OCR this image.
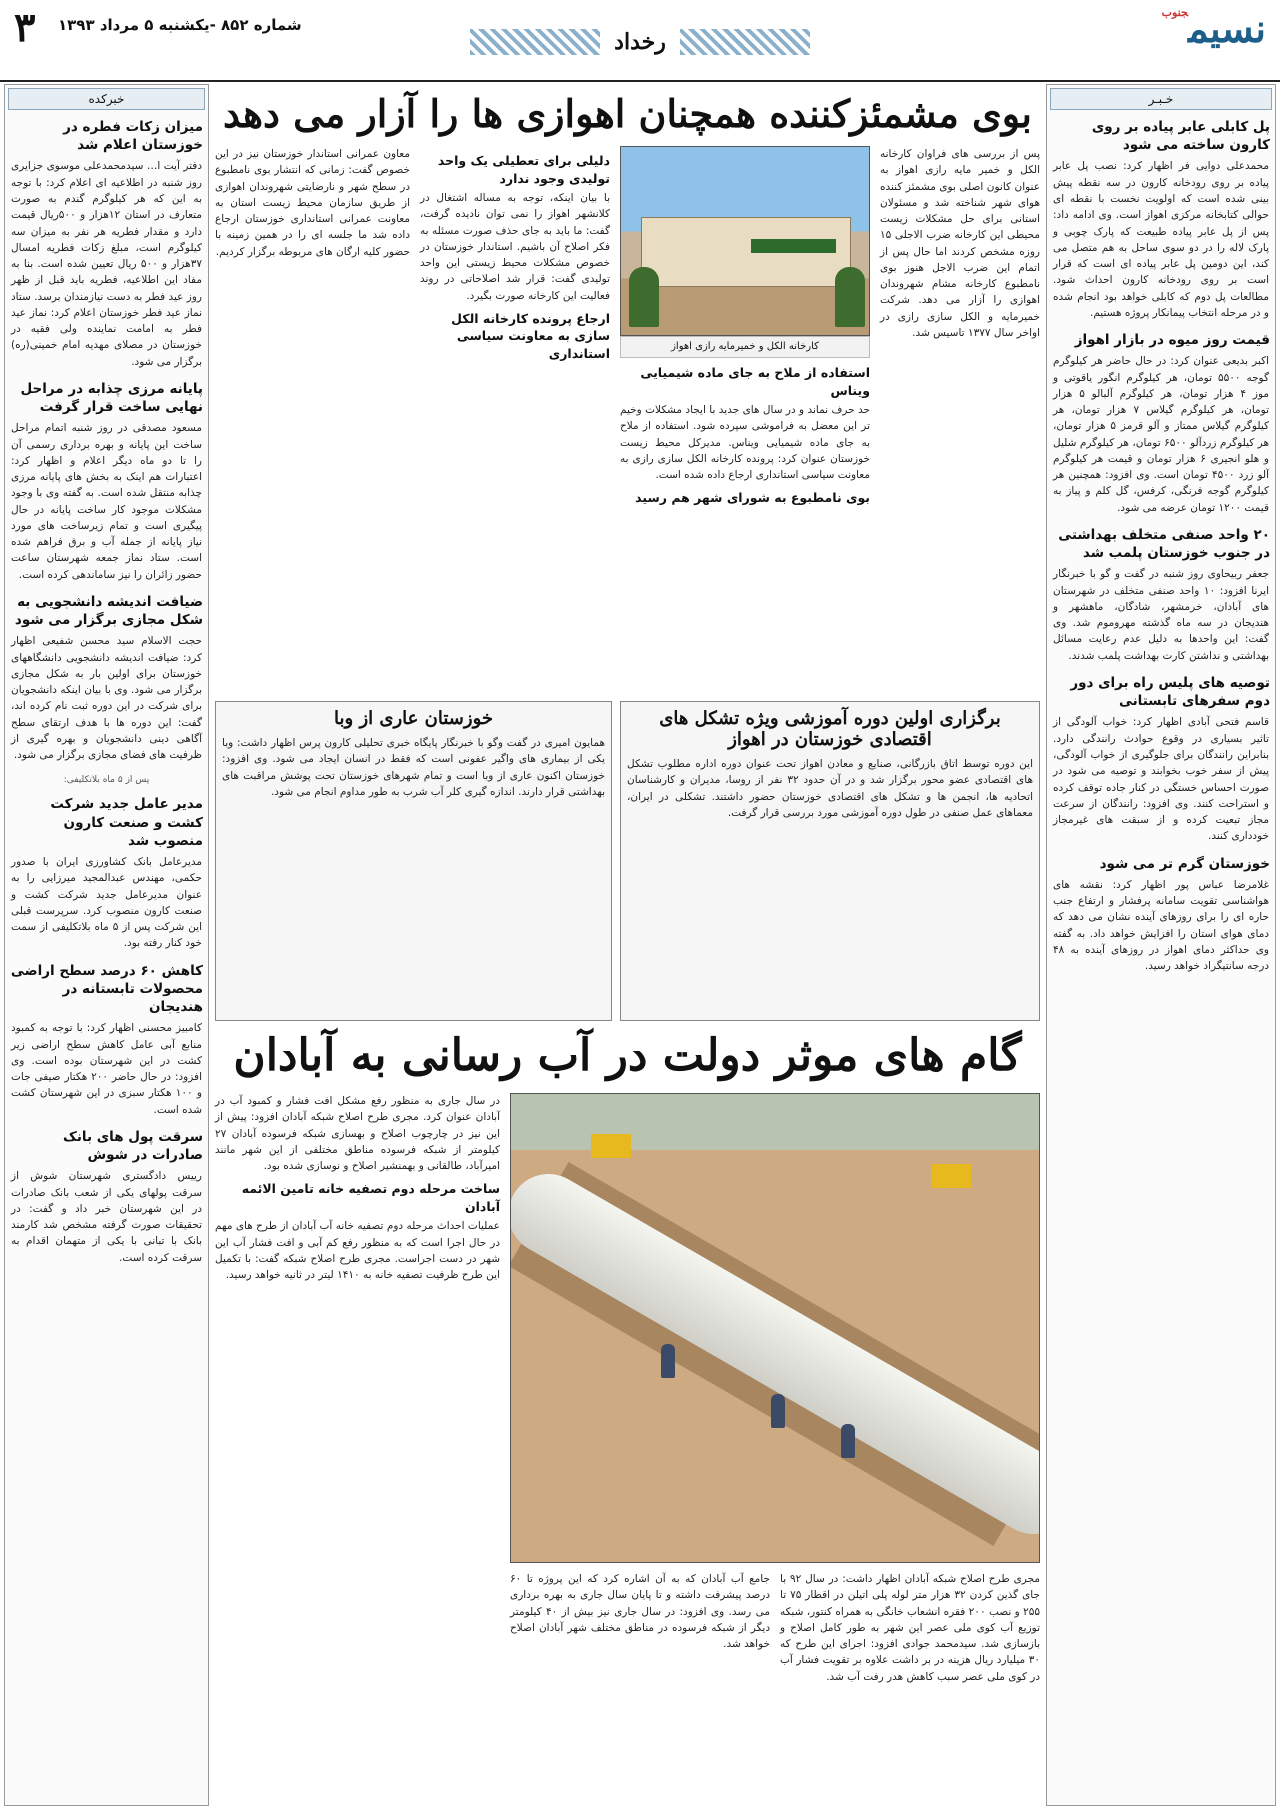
نسیم$^{جنوب}$
رخداد
شماره ۸۵۲ -یکشنبه ۵ مرداد ۱۳۹۳
۳
خـبـر
پل کابلی عابر پیاده بر روی کارون ساخته می شود

محمدعلی دوایی فر اظهار کرد: نصب پل عابر پیاده بر روی رودخانه کارون در سه نقطه پیش بینی شده است که اولویت نخست با نقطه ای حوالی کتابخانه مرکزی اهواز است. وی ادامه داد: پس از پل عابر پیاده طبیعت که پارک چوبی و پارک لاله را در دو سوی ساحل به هم متصل می کند، این دومین پل عابر پیاده ای است که قرار است بر روی رودخانه کارون احداث شود. مطالعات پل دوم که کابلی خواهد بود انجام شده و در مرحله انتخاب پیمانکار پروژه هستیم.

قیمت روز میوه در بازار اهواز

اکبر بدیعی عنوان کرد: در حال حاضر هر کیلوگرم گوجه ۵۵۰۰ تومان، هر کیلوگرم انگور یاقوتی و موز ۴ هزار تومان، هر کیلوگرم آلبالو ۵ هزار تومان، هر کیلوگرم گیلاس ۷ هزار تومان، هر کیلوگرم گیلاس ممتاز و آلو قرمز ۵ هزار تومان، هر کیلوگرم زردآلو ۶۵۰۰ تومان، هر کیلوگرم شلیل و هلو انجیری ۶ هزار تومان و قیمت هر کیلوگرم آلو زرد ۴۵۰۰ تومان است. وی افزود: همچنین هر کیلوگرم گوجه فرنگی، کرفس، گل کلم و پیاز به قیمت ۱۲۰۰ تومان عرضه می شود.

۲۰ واحد صنفی متخلف بهداشتی در جنوب خوزستان پلمب شد

جعفر ربیحاوی روز شنبه در گفت و گو با خبرنگار ایرنا افزود: ۱۰ واحد صنفی متخلف در شهرستان های آبادان، خرمشهر، شادگان، ماهشهر و هندیجان در سه ماه گذشته مهروموم شد. وی گفت: این واحدها به دلیل عدم رعایت مسائل بهداشتی و نداشتن کارت بهداشت پلمب شدند.

توصیه های پلیس راه برای دور دوم سفرهای تابستانی

قاسم فتحی آبادی اظهار کرد: خواب آلودگی از تاثیر بسیاری در وقوع حوادث رانندگی دارد. بنابراین رانندگان برای جلوگیری از خواب آلودگی، پیش از سفر خوب بخوابند و توصیه می شود در صورت احساس خستگی در کنار جاده توقف کرده و استراحت کنند. وی افزود: رانندگان از سرعت مجاز تبعیت کرده و از سبقت های غیرمجاز خودداری کنند.

خوزستان گرم تر می شود

غلامرضا عباس پور اظهار کرد: نقشه های هواشناسی تقویت سامانه پرفشار و ارتفاع جنب حاره ای را برای روزهای آینده نشان می دهد که دمای هوای استان را افزایش خواهد داد. به گفته وی حداکثر دمای اهواز در روزهای آینده به ۴۸ درجه سانتیگراد خواهد رسید.

خبرکده
میزان زکات فطره در خوزستان اعلام شد

دفتر آیت ا… سیدمحمدعلی موسوی جزایری روز شنبه در اطلاعیه ای اعلام کرد: با توجه به این که هر کیلوگرم گندم به صورت متعارف در استان ۱۲هزار و ۵۰۰ریال قیمت دارد و مقدار فطریه هر نفر به میزان سه کیلوگرم است، مبلغ زکات فطریه امسال ۳۷هزار و ۵۰۰ ریال تعیین شده است. بنا به مفاد این اطلاعیه، فطریه باید قبل از ظهر روز عید فطر به دست نیازمندان برسد. ستاد نماز عید فطر خوزستان اعلام کرد: نماز عید فطر به امامت نماینده ولی فقیه در خوزستان در مصلای مهدیه امام خمینی(ره) برگزار می شود.

پایانه مرزی چذابه در مراحل نهایی ساخت قرار گرفت

مسعود مصدقی در روز شنبه اتمام مراحل ساخت این پایانه و بهره برداری رسمی آن را تا دو ماه دیگر اعلام و اظهار کرد: اعتبارات هم اینک به بخش های پایانه مرزی چذابه منتقل شده است. به گفته وی با وجود مشکلات موجود کار ساخت پایانه در حال پیگیری است و تمام زیرساخت های مورد نیاز پایانه از جمله آب و برق فراهم شده است. ستاد نماز جمعه شهرستان ساعت حضور زائران را نیز ساماندهی کرده است.

ضیافت اندیشه دانشجویی به شکل مجازی برگزار می شود

حجت الاسلام سید محسن شفیعی اظهار کرد: ضیافت اندیشه دانشجویی دانشگاههای خوزستان برای اولین بار به شکل مجازی برگزار می شود. وی با بیان اینکه دانشجویان برای شرکت در این دوره ثبت نام کرده اند، گفت: این دوره ها با هدف ارتقای سطح آگاهی دینی دانشجویان و بهره گیری از ظرفیت های فضای مجازی برگزار می شود.

پس از ۵ ماه بلاتکلیفی:

مدیر عامل جدید شرکت کشت و صنعت کارون منصوب شد

مدیرعامل بانک کشاورزی ایران با صدور حکمی، مهندس عبدالمجید میرزایی را به عنوان مدیرعامل جدید شرکت کشت و صنعت کارون منصوب کرد. سرپرست قبلی این شرکت پس از ۵ ماه بلاتکلیفی از سمت خود کنار رفته بود.

کاهش ۶۰ درصد سطح اراضی محصولات تابستانه در هندیجان

کامبیز محسنی اظهار کرد: با توجه به کمبود منابع آبی عامل کاهش سطح اراضی زیر کشت در این شهرستان بوده است. وی افزود: در حال حاضر ۲۰۰ هکتار صیفی جات و ۱۰۰ هکتار سبزی در این شهرستان کشت شده است.

سرقت پول های بانک صادرات در شوش

رییس دادگستری شهرستان شوش از سرقت پولهای یکی از شعب بانک صادرات در این شهرستان خبر داد و گفت: در تحقیقات صورت گرفته مشخص شد کارمند بانک با تبانی با یکی از متهمان اقدام به سرقت کرده است.

بوی مشمئزکننده همچنان اهوازی ها را آزار می دهد

پس از بررسی های فراوان کارخانه الکل و خمیر مایه رازی اهواز به عنوان کانون اصلی بوی مشمئز کننده هوای شهر شناخته شد و مسئولان استانی برای حل مشکلات زیست محیطی این کارخانه ضرب الاجلی ۱۵ روزه مشخص کردند اما حال پس از اتمام این ضرب الاجل هنوز بوی نامطبوع کارخانه مشام شهروندان اهوازی را آزار می دهد. شرکت خمیرمایه و الکل سازی رازی در اواخر سال ۱۳۷۷ تاسیس شد.

کارخانه الکل و خمیرمایه رازی اهواز
استفاده از ملاح به جای ماده شیمیایی ویناس

حد حرف نماند و در سال های جدید با ایجاد مشکلات وخیم تر این معضل به فراموشی سپرده شود. استفاده از ملاح به جای ماده شیمیایی ویناس. مدیرکل محیط زیست خوزستان عنوان کرد: پرونده کارخانه الکل سازی رازی به معاونت سیاسی استانداری ارجاع داده شده است.

بوی نامطبوع به شورای شهر هم رسید
دلیلی برای تعطیلی یک واحد تولیدی وجود ندارد

با بیان اینکه، توجه به مساله اشتغال در کلانشهر اهواز را نمی توان نادیده گرفت، گفت: ما باید به جای حذف صورت مسئله به فکر اصلاح آن باشیم. استاندار خوزستان در خصوص مشکلات محیط زیستی این واحد تولیدی گفت: قرار شد اصلاحاتی در روند فعالیت این کارخانه صورت بگیرد.

ارجاع پرونده کارخانه الکل سازی به معاونت سیاسی استانداری

معاون عمرانی استاندار خوزستان نیز در این خصوص گفت: زمانی که انتشار بوی نامطبوع در سطح شهر و نارضایتی شهروندان اهوازی از طریق سازمان محیط زیست استان به معاونت عمرانی استانداری خوزستان ارجاع داده شد ما جلسه ای را در همین زمینه با حضور کلیه ارگان های مربوطه برگزار کردیم.

برگزاری اولین دوره آموزشی ویژه تشکل های اقتصادی خوزستان در اهواز

این دوره توسط اتاق بازرگانی، صنایع و معادن اهواز تحت عنوان دوره اداره مطلوب تشکل های اقتصادی عضو محور برگزار شد و در آن حدود ۳۲ نفر از روسا، مدیران و کارشناسان اتحادیه ها، انجمن ها و تشکل های اقتصادی خوزستان حضور داشتند. تشکلی در ایران، معماهای عمل صنفی در طول دوره آموزشی مورد بررسی قرار گرفت.

خوزستان عاری از وبا

همایون امیری در گفت وگو با خبرنگار پایگاه خبری تحلیلی کارون پرس اظهار داشت: وبا یکی از بیماری های واگیر عفونی است که فقط در انسان ایجاد می شود. وی افزود: خوزستان اکنون عاری از وبا است و تمام شهرهای خوزستان تحت پوشش مراقبت های بهداشتی قرار دارند. اندازه گیری کلر آب شرب به طور مداوم انجام می شود.

گام های موثر دولت در آب رسانی به آبادان

مجری طرح اصلاح شبکه آبادان اظهار داشت: در سال ۹۲ با جای گذین کردن ۳۲ هزار متر لوله پلی اتیلن در اقطار ۷۵ تا ۲۵۵ و نصب ۲۰۰ فقره انشعاب خانگی به همراه کنتور، شبکه توزیع آب کوی ملی عصر این شهر به طور کامل اصلاح و بازسازی شد. سیدمحمد جوادی افزود: اجرای این طرح که ۳۰ میلیارد ریال هزینه در بر داشت علاوه بر تقویت فشار آب در کوی ملی عصر سبب کاهش هدر رفت آب شد.

جامع آب آبادان که به آن اشاره کرد که این پروژه تا ۶۰ درصد پیشرفت داشته و تا پایان سال جاری به بهره برداری می رسد. وی افزود: در سال جاری نیز بیش از ۴۰ کیلومتر دیگر از شبکه فرسوده در مناطق مختلف شهر آبادان اصلاح خواهد شد.

در سال جاری به منظور رفع مشکل افت فشار و کمبود آب در آبادان عنوان کرد. مجری طرح اصلاح شبکه آبادان افزود: پیش از این نیز در چارچوب اصلاح و بهسازی شبکه فرسوده آبادان ۲۷ کیلومتر از شبکه فرسوده مناطق مختلفی از این شهر مانند امیرآباد، طالقانی و بهمنشیر اصلاح و نوسازی شده بود.

ساخت مرحله دوم تصفیه خانه تامین الائمه آبادان

عملیات احداث مرحله دوم تصفیه خانه آب آبادان از طرح های مهم در حال اجرا است که به منظور رفع کم آبی و افت فشار آب این شهر در دست اجراست. مجری طرح اصلاح شبکه گفت: با تکمیل این طرح ظرفیت تصفیه خانه به ۱۴۱۰ لیتر در ثانیه خواهد رسید.
